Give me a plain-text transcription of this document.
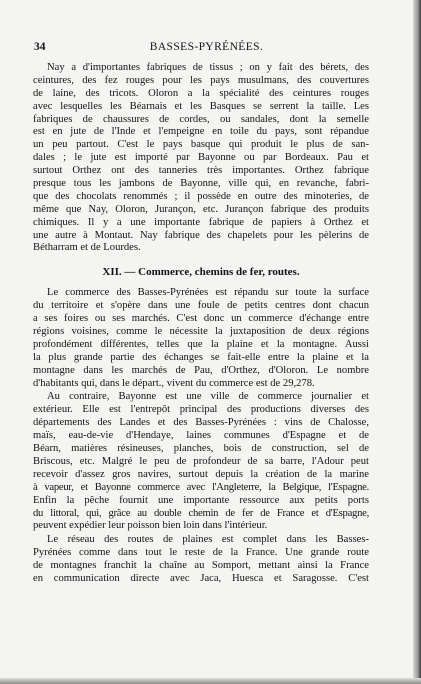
34	BASSES-PYRÉNÉES.
Nay a d'importantes fabriques de tissus ; on y fait des bérets, des
ceintures, des fez rouges pour les pays musulmans, des couvertures
de laine, des tricots. Oloron a la spécialité des ceintures rouges
avec lesquelles les Béarnais et les Basques se serrent la taille. Les
fabriques de chaussures de cordes, ou sandales, dont la semelle
est en jute de l'Inde et l'empeigne en toile du pays, sont répandue
un peu partout. C'est le pays basque qui produit le plus de san-
dales ; le jute est importé par Bayonne ou par Bordeaux. Pau et
surtout Orthez ont des tanneries très importantes. Orthez fabrique
presque tous les jambons de Bayonne, ville qui, en revanche, fabri-
que des chocolats renommés ; il possède en outre des minoteries, de
même que Nay, Oloron, Jurançon, etc. Jurançon fabrique des produits
chimiques. Il y a une importante fabrique de papiers à Orthez et
une autre à Montaut. Nay fabrique des chapelets pour les pèlerins de
Bétharram et de Lourdes.
XII. — Commerce, chemins de fer, routes.
Le commerce des Basses-Pyrénées est répandu sur toute la surface
du territoire et s'opère dans une foule de petits centres dont chacun
a ses foires ou ses marchés. C'est donc un commerce d'échange entre
régions voisines, comme le nécessite la juxtaposition de deux régions
profondément différentes, telles que la plaine et la montagne. Aussi
la plus grande partie des échanges se fait-elle entre la plaine et la
montagne dans les marchés de Pau, d'Orthez, d'Oloron. Le nombre
d'habitants qui, dans le départ., vivent du commerce est de 29,278.
Au contraire, Bayonne est une ville de commerce journalier et
extérieur. Elle est l'entrepôt principal des productions diverses des
départements des Landes et des Basses-Pyrénées : vins de Chalosse,
maïs, eau-de-vie d'Hendaye, laines communes d'Espagne et de
Béarn, matières résineuses, planches, bois de construction, sel de
Briscous, etc. Malgré le peu de profondeur de sa barre, l'Adour peut
recevoir d'assez gros navires, surtout depuis la création de la marine
à vapeur, et Bayonne commerce avec l'Angleterre, la Belgique, l'Espagne.
Enfin la pêche fournit une importante ressource aux petits ports
du littoral, qui, grâce au double chemin de fer de France et d'Espagne,
peuvent expédier leur poisson bien loin dans l'intérieur.
Le réseau des routes de plaines est complet dans les Basses-
Pyrénées comme dans tout le reste de la France. Une grande route
de montagnes franchit la chaîne au Somport, mettant ainsi la France
en communication directe avec Jaca, Huesca et Saragosse. C'est
